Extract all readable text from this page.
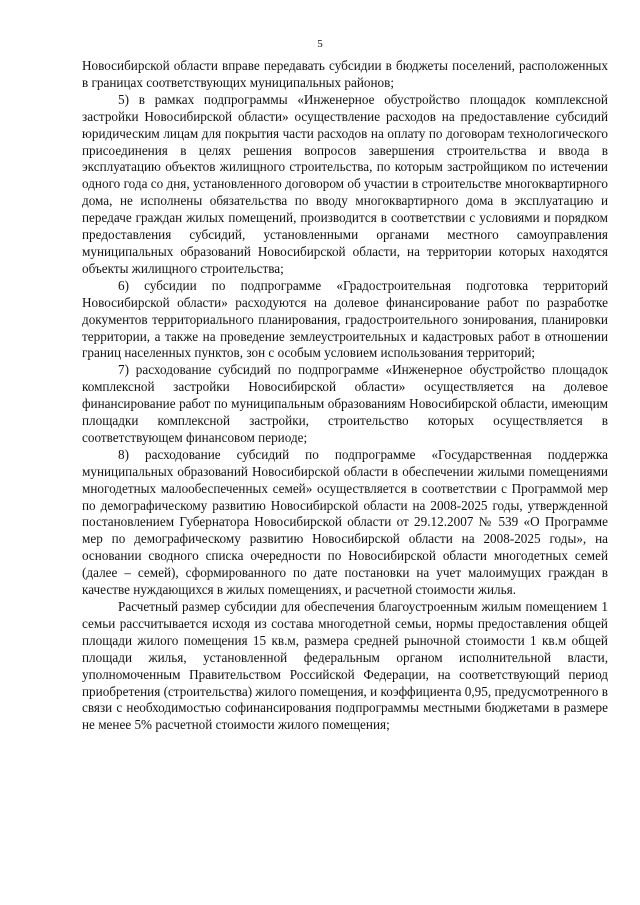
5

Новосибирской области вправе передавать субсидии в бюджеты поселений, расположенных в границах соответствующих муниципальных районов;

5) в рамках подпрограммы «Инженерное обустройство площадок комплексной застройки Новосибирской области» осуществление расходов на предоставление субсидий юридическим лицам для покрытия части расходов на оплату по договорам технологического присоединения в целях решения вопросов завершения строительства и ввода в эксплуатацию объектов жилищного строительства, по которым застройщиком по истечении одного года со дня, установленного договором об участии в строительстве многоквартирного дома, не исполнены обязательства по вводу многоквартирного дома в эксплуатацию и передаче граждан жилых помещений, производится в соответствии с условиями и порядком предоставления субсидий, установленными органами местного самоуправления муниципальных образований Новосибирской области, на территории которых находятся объекты жилищного строительства;

6) субсидии по подпрограмме «Градостроительная подготовка территорий Новосибирской области» расходуются на долевое финансирование работ по разработке документов территориального планирования, градостроительного зонирования, планировки территории, а также на проведение землеустроительных и кадастровых работ в отношении границ населенных пунктов, зон с особым условием использования территорий;

7) расходование субсидий по подпрограмме «Инженерное обустройство площадок комплексной застройки Новосибирской области» осуществляется на долевое финансирование работ по муниципальным образованиям Новосибирской области, имеющим площадки комплексной застройки, строительство которых осуществляется в соответствующем финансовом периоде;

8) расходование субсидий по подпрограмме «Государственная поддержка муниципальных образований Новосибирской области в обеспечении жилыми помещениями многодетных малообеспеченных семей» осуществляется в соответствии с Программой мер по демографическому развитию Новосибирской области на 2008-2025 годы, утвержденной постановлением Губернатора Новосибирской области от 29.12.2007 № 539 «О Программе мер по демографическому развитию Новосибирской области на 2008-2025 годы», на основании сводного списка очередности по Новосибирской области многодетных семей (далее – семей), сформированного по дате постановки на учет малоимущих граждан в качестве нуждающихся в жилых помещениях, и расчетной стоимости жилья.

Расчетный размер субсидии для обеспечения благоустроенным жилым помещением 1 семьи рассчитывается исходя из состава многодетной семьи, нормы предоставления общей площади жилого помещения 15 кв.м, размера средней рыночной стоимости 1 кв.м общей площади жилья, установленной федеральным органом исполнительной власти, уполномоченным Правительством Российской Федерации, на соответствующий период приобретения (строительства) жилого помещения, и коэффициента 0,95, предусмотренного в связи с необходимостью софинансирования подпрограммы местными бюджетами в размере не менее 5% расчетной стоимости жилого помещения;
